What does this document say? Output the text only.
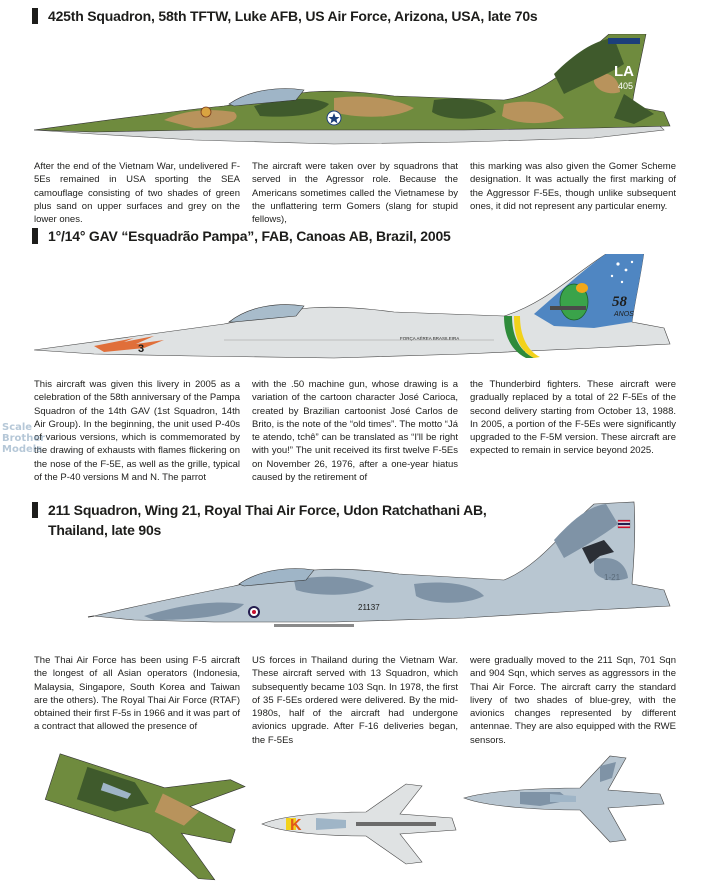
425th Squadron, 58th TFTW, Luke AFB, US Air Force, Arizona, USA, late 70s
LA
405

After the end of the Vietnam War, undelivered F-5Es remained in USA sporting the SEA camouflage consisting of two shades of green plus sand on upper surfaces and grey on the lower ones.

The aircraft were taken over by squadrons that served in the Agressor role. Because the Americans sometimes called the Vietnamese by the unflattering term Gomers (slang for stupid fellows),

this marking was also given the Gomer Scheme designation. It was actually the first marking of the Aggressor F-5Es, though unlike subsequent ones, it did not represent any particular enemy.

1°/14° GAV “Esquadrão Pampa”, FAB, Canoas AB, Brazil, 2005
58
ANOS
3
FORÇA AÉREA BRASILEIRA

This aircraft was given this livery in 2005 as a celebration of the 58th anniversary of the Pampa Squadron of the 14th GAV (1st Squadron, 14th Air Group). In the beginning, the unit used P-40s of various versions, which is commemorated by the drawing of exhausts with flames flickering on the nose of the F-5E, as well as the grille, typical of the P-40 versions M and N. The parrot

with the .50 machine gun, whose drawing is a variation of the cartoon character José Carioca, created by Brazilian cartoonist José Carlos de Brito, is the note of the “old times”. The motto “Já te atendo, tchê” can be translated as “I'll be right with you!” The unit received its first twelve F-5Es on November 26, 1976, after a one-year hiatus caused by the retirement of

the Thunderbird fighters. These aircraft were gradually replaced by a total of 22 F-5Es of the second delivery starting from October 13, 1988. In 2005, a portion of the F-5Es were significantly upgraded to the F-5M version. These aircraft are expected to remain in service beyond 2025.

Scale
Brother
Models
211 Squadron, Wing 21, Royal Thai Air Force, Udon Ratchathani AB,
Thailand, late 90s
21137
1-21

The Thai Air Force has been using F-5 aircraft the longest of all Asian operators (Indonesia, Malaysia, Singapore, South Korea and Taiwan are the others). The Royal Thai Air Force (RTAF) obtained their first F-5s in 1966 and it was part of a contract that allowed the presence of

US forces in Thailand during the Vietnam War. These aircraft served with 13 Squadron, which subsequently became 103 Sqn. In 1978, the first of 35 F-5Es ordered were delivered. By the mid-1980s, half of the aircraft had undergone avionics upgrade. After F-16 deliveries began, the F-5Es

were gradually moved to the 211 Sqn, 701 Sqn and 904 Sqn, which serves as aggressors in the Thai Air Force. The aircraft carry the standard livery of two shades of blue-grey, with the avionics changes represented by different antennae. They are also equipped with the RWE sensors.

K
